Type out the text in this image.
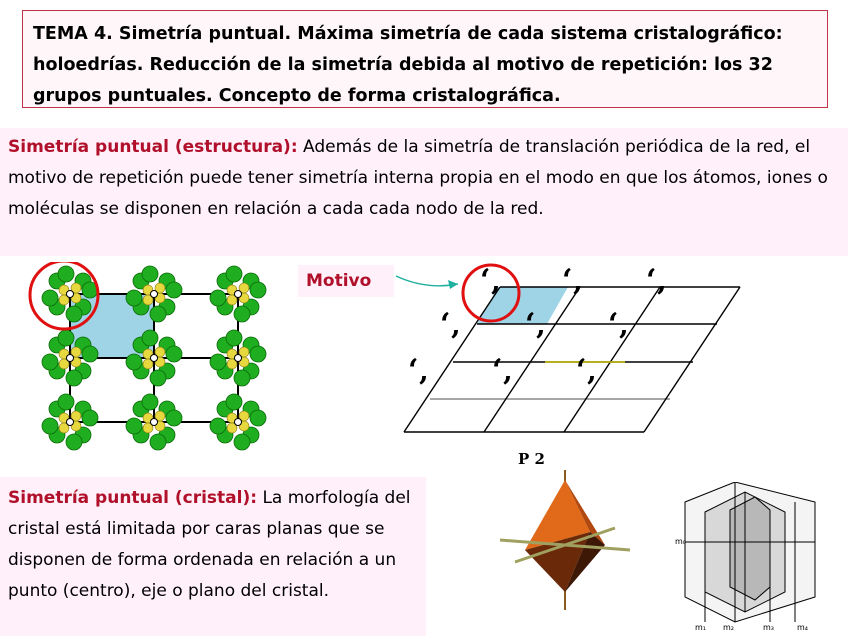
TEMA 4. Simetría puntual. Máxima simetría de cada sistema cristalográfico: holoedrías. Reducción de la simetría debida al motivo de repetición: los 32 grupos puntuales. Concepto de forma cristalográfica.
Simetría puntual (estructura): Además de la simetría de translación periódica de la red, el motivo de repetición puede tener simetría interna propia en el modo en que los átomos, iones o moléculas se disponen en relación a cada cada nodo de la red.
Motivo	‘
’
‘
’
‘
’
‘
’
‘
’
‘
’
‘
’
‘
’
‘
’
Simetría puntual (cristal): La morfología del cristal está limitada por caras planas que se disponen de forma ordenada en relación a un punto (centro), eje o plano del cristal.
P 2
m₀
m₁ m₂	m₃	m₄
